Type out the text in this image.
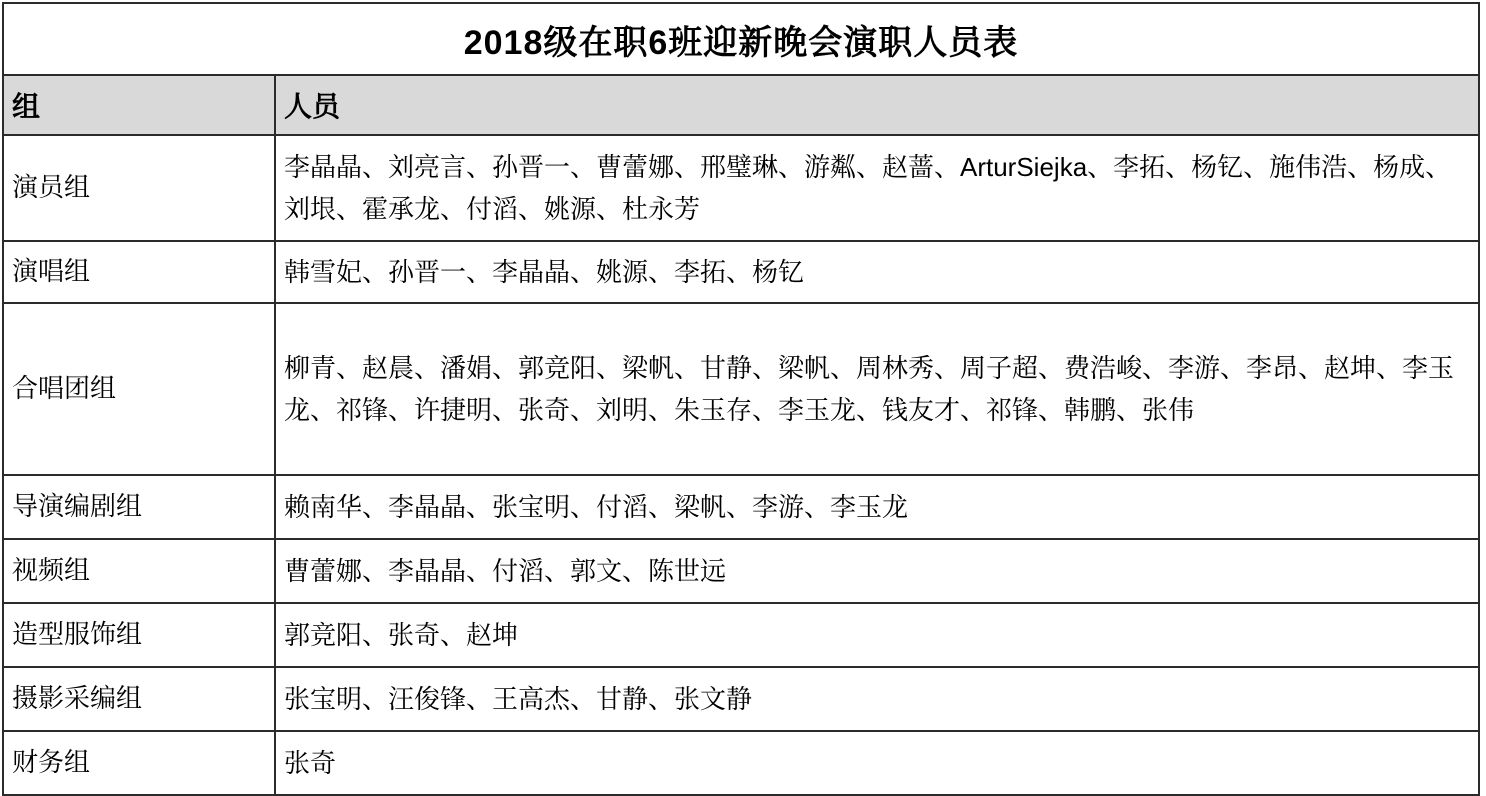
2018级在职6班迎新晚会演职人员表	
组	人员
演员组	李晶晶、刘亮言、孙晋一、曹蕾娜、邢璧琳、游粼、赵蔷、ArturSiejka、李拓、杨钇、施伟浩、杨成、刘垠、霍承龙、付滔、姚源、杜永芳
演唱组	韩雪妃、孙晋一、李晶晶、姚源、李拓、杨钇
合唱团组	柳青、赵晨、潘娟、郭竞阳、梁帆、甘静、梁帆、周林秀、周子超、费浩峻、李游、李昂、赵坤、李玉龙、祁锋、许捷明、张奇、刘明、朱玉存、李玉龙、钱友才、祁锋、韩鹏、张伟
导演编剧组	赖南华、李晶晶、张宝明、付滔、梁帆、李游、李玉龙
视频组	曹蕾娜、李晶晶、付滔、郭文、陈世远
造型服饰组	郭竞阳、张奇、赵坤
摄影采编组	张宝明、汪俊锋、王高杰、甘静、张文静
财务组	张奇
